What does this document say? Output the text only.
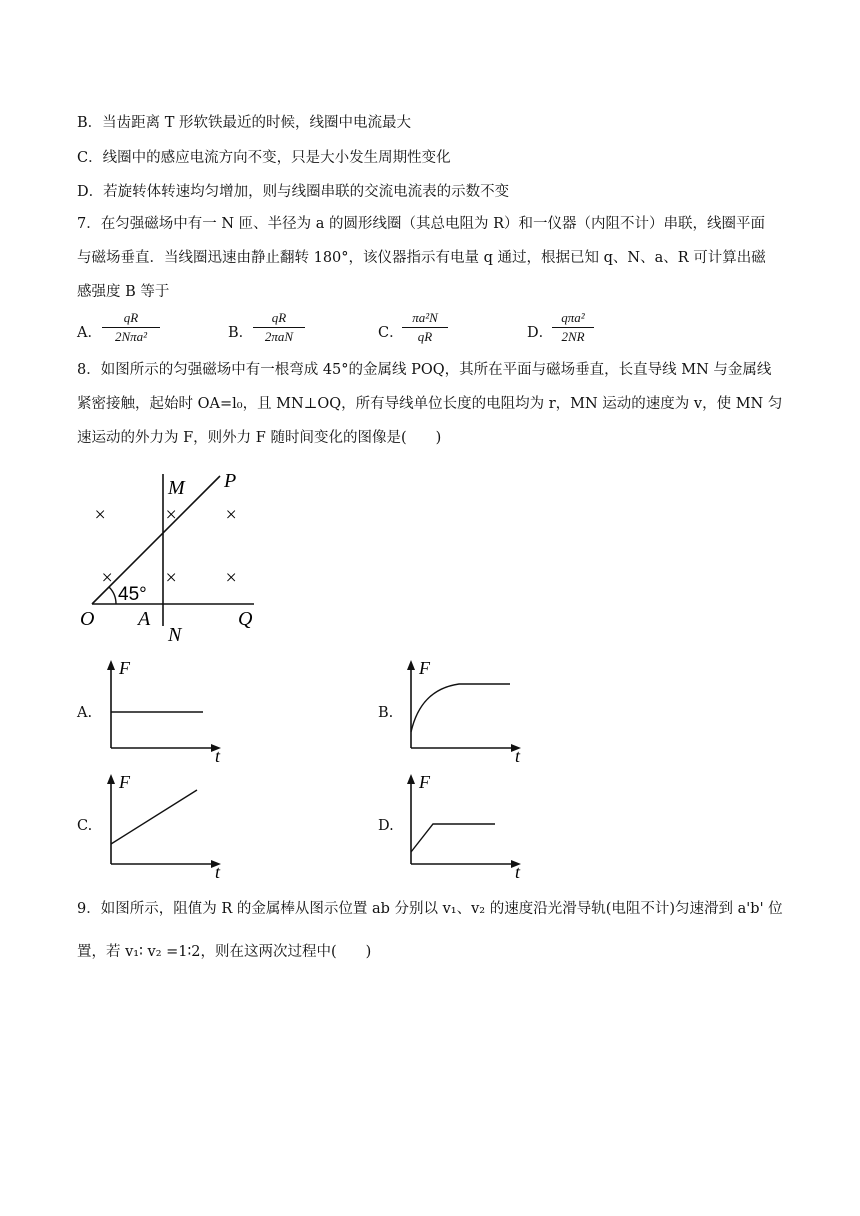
B．当齿距离 T 形软铁最近的时候，线圈中电流最大
C．线圈中的感应电流方向不变，只是大小发生周期性变化
D．若旋转体转速均匀增加，则与线圈串联的交流电流表的示数不变
7．在匀强磁场中有一 N 匝、半径为 a 的圆形线圈（其总电阻为 R）和一仪器（内阻不计）串联，线圈平面
与磁场垂直．当线圈迅速由静止翻转 180°，该仪器指示有电量 q 通过，根据已知 q、N、a、R 可计算出磁
感强度 B 等于
A．
qR
2Nπa²	B．
qR
2πaN	C．
$\frac{\text{πa²N}}{qR}$	D．
qπa²
2NR
8．如图所示的匀强磁场中有一根弯成 45°的金属线 POQ，其所在平面与磁场垂直，长直导线 MN 与金属线
紧密接触，起始时 OA=l₀，且 MN⊥OQ，所有导线单位长度的电阻均为 r，MN 运动的速度为 v，使 MN 匀
速运动的外力为 F，则外力 F 随时间变化的图像是(　　)
×	× ×
×	× ×
M P
O A
N
Q
45°
A.
F
t
B.
F
t
C.
F
t
D.
F
t
9．如图所示，阻值为 R 的金属棒从图示位置 ab 分别以 v₁、v₂ 的速度沿光滑导轨(电阻不计)匀速滑到 a'b' 位
置，若 v₁∶ v₂ =1∶2，则在这两次过程中(　　)
